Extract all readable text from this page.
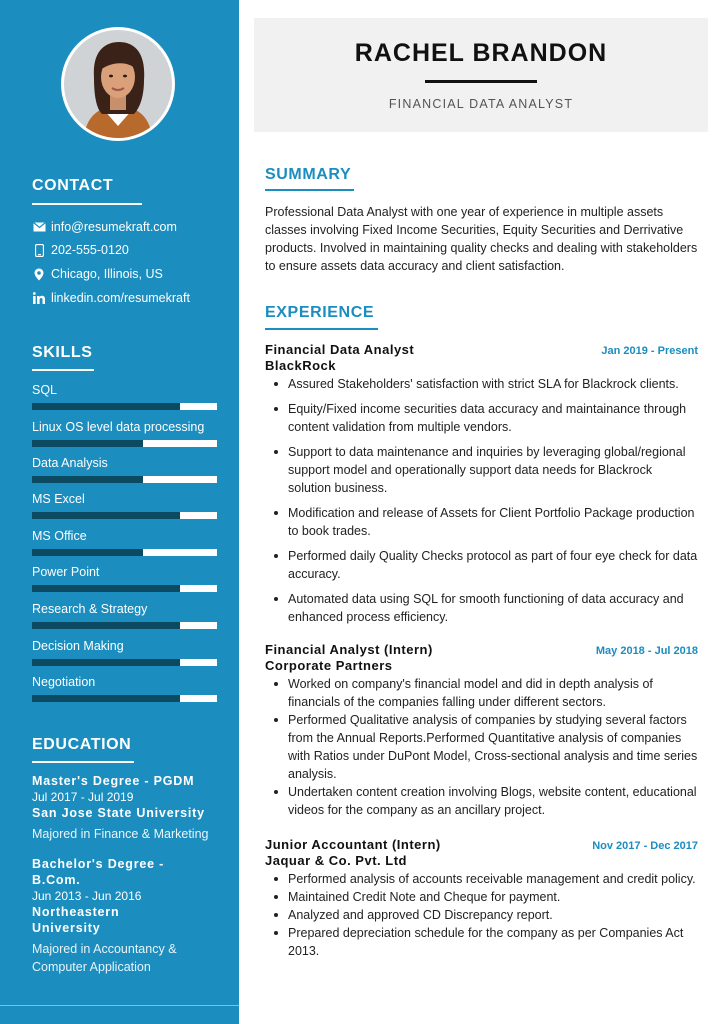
CONTACT
info@resumekraft.com
202-555-0120
Chicago, Illinois, US
linkedin.com/resumekraft
SKILLS
SQL
Linux OS level data processing
Data Analysis
MS Excel
MS Office
Power Point
Research & Strategy
Decision Making
Negotiation
EDUCATION
Master's Degree - PGDM
Jul 2017 - Jul 2019
San Jose State University
Majored in Finance & Marketing
Bachelor's Degree - B.Com.
Jun 2013 - Jun 2016
Northeastern University
Majored in Accountancy & Computer Application
RACHEL BRANDON
FINANCIAL DATA ANALYST
SUMMARY
Professional Data Analyst with one year of experience in multiple assets classes involving Fixed Income Securities, Equity Securities and Derrivative products. Involved in maintaining quality checks and dealing with stakeholders to ensure assets data accuracy and client satisfaction.
EXPERIENCE
Financial Data Analyst	Jan 2019 - Present
BlackRock
Assured Stakeholders' satisfaction with strict SLA for Blackrock clients.
Equity/Fixed income securities data accuracy and maintainance through content validation from multiple vendors.
Support to data maintenance and inquiries by leveraging global/regional support model and operationally support data needs for Blackrock solution business.
Modification and release of Assets for Client Portfolio Package production to book trades.
Performed daily Quality Checks protocol as part of four eye check for data accuracy.
Automated data using SQL for smooth functioning of data accuracy and enhanced process efficiency.
Financial Analyst (Intern)	May 2018 - Jul 2018
Corporate Partners
Worked on company's financial model and did in depth analysis of financials of the companies falling under different sectors.
Performed Qualitative analysis of companies by studying several factors from the Annual Reports.Performed Quantitative analysis of companies with Ratios under DuPont Model, Cross-sectional analysis and time series analysis.
Undertaken content creation involving Blogs, website content, educational videos for the company as an ancillary project.
Junior Accountant (Intern)	Nov 2017 - Dec 2017
Jaquar & Co. Pvt. Ltd
Performed analysis of accounts receivable management and credit policy.
Maintained Credit Note and Cheque for payment.
Analyzed and approved CD Discrepancy report.
Prepared depreciation schedule for the company as per Companies Act 2013.
